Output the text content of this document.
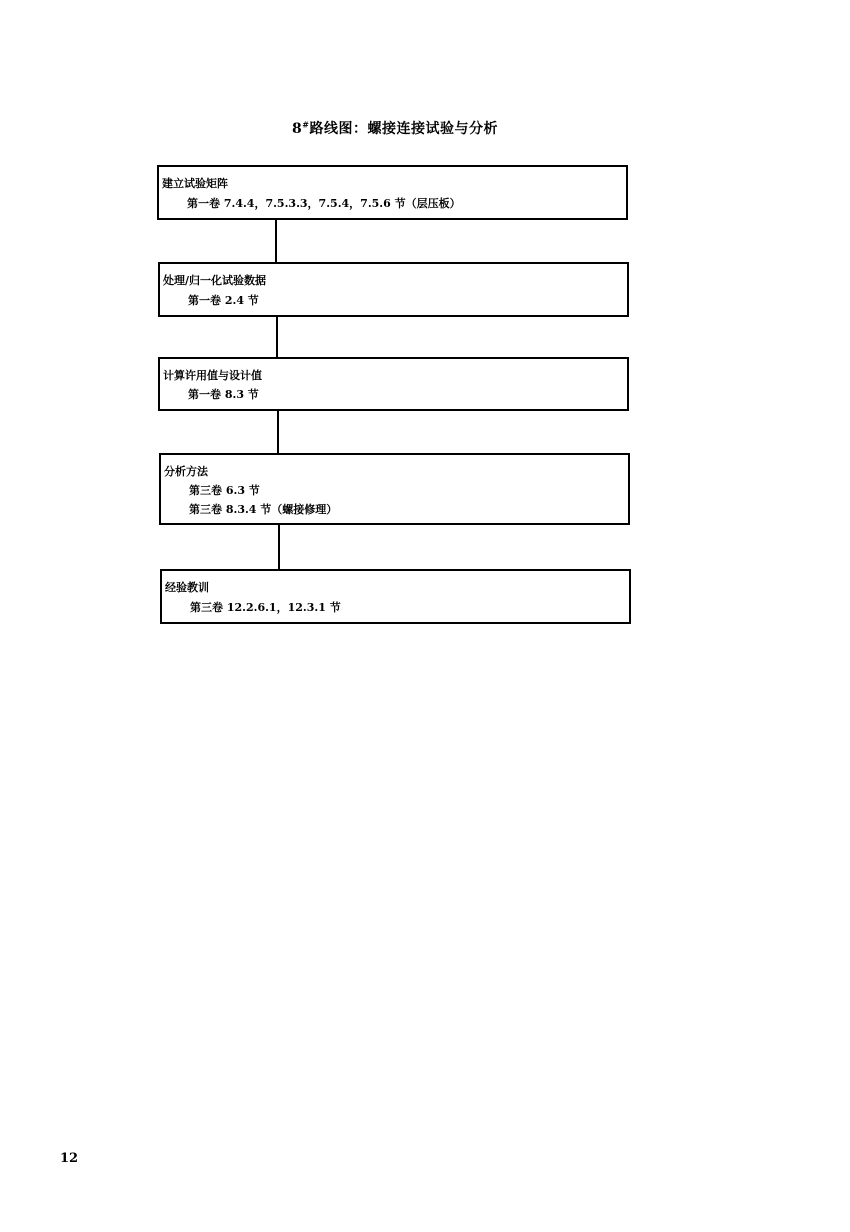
8#路线图：螺接连接试验与分析
建立试验矩阵
第一卷 7.4.4，7.5.3.3，7.5.4，7.5.6 节（层压板）
处理/归一化试验数据
第一卷 2.4 节
计算许用值与设计值
第一卷 8.3 节
分析方法
第三卷 6.3 节
第三卷 8.3.4 节（螺接修理）
经验教训
第三卷 12.2.6.1，12.3.1 节
12
